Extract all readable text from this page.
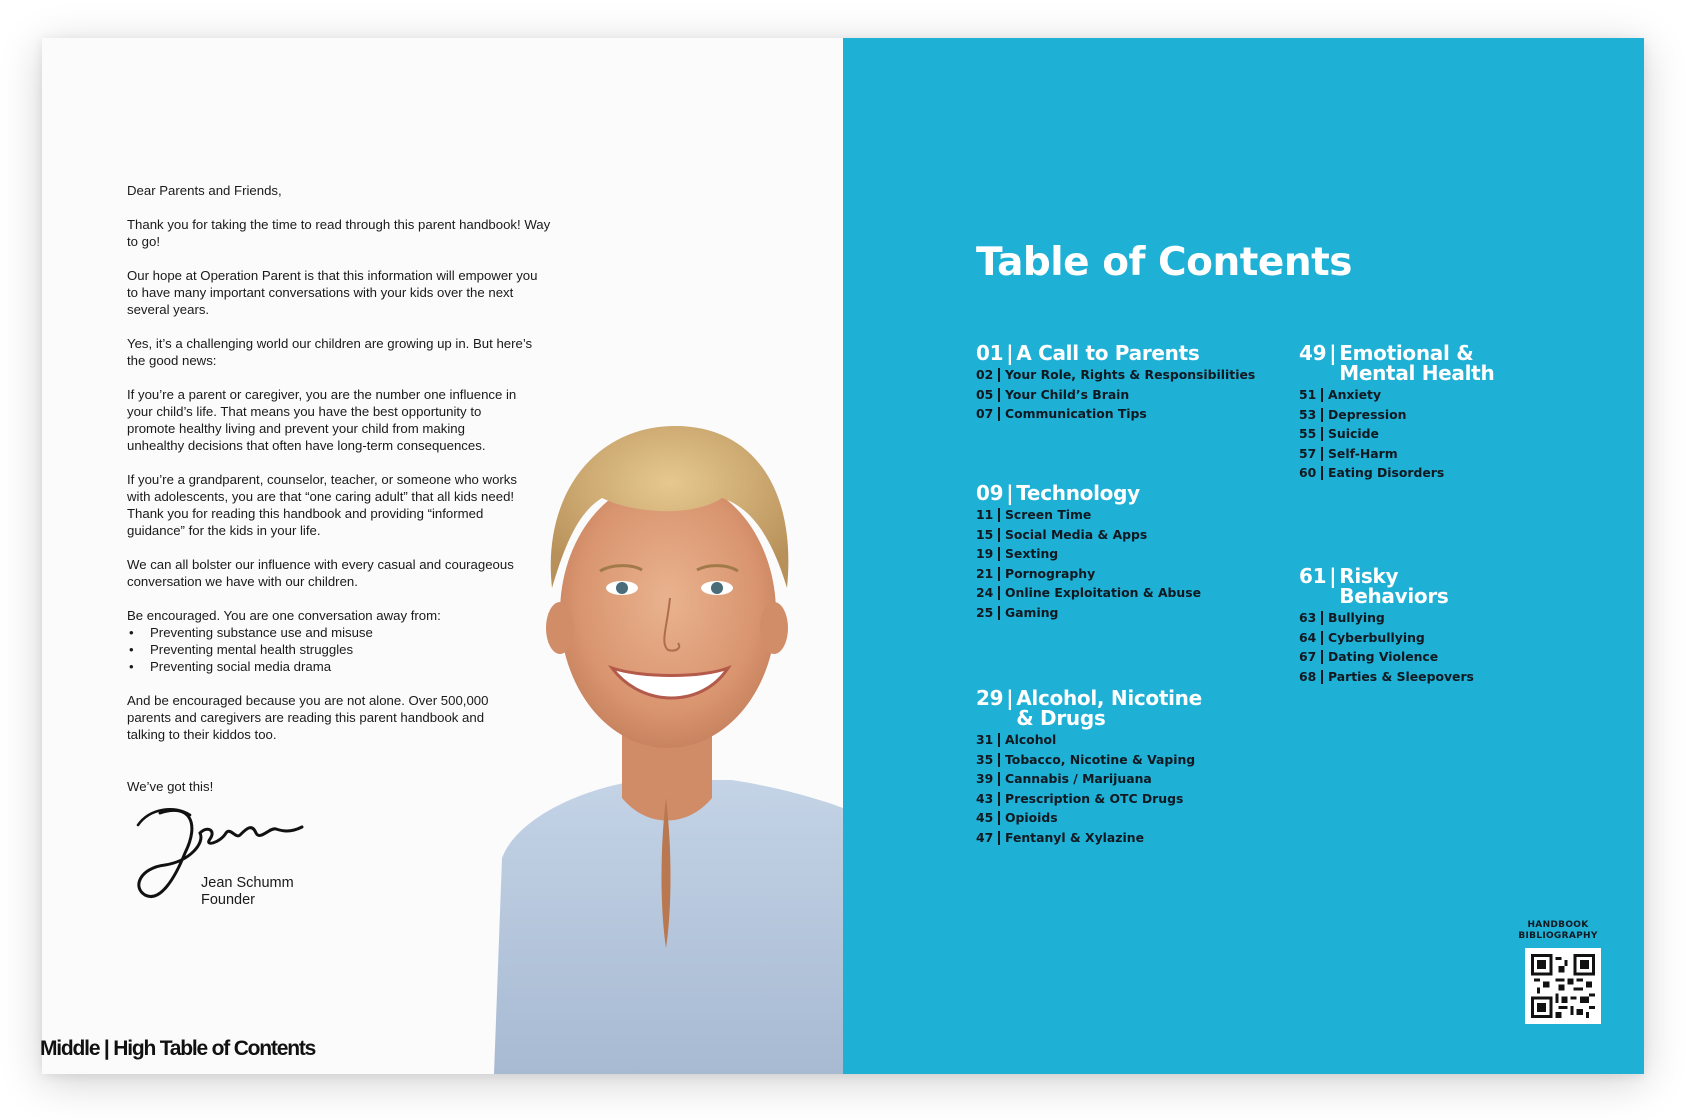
Dear Parents and Friends,

Thank you for taking the time to read through this parent handbook! Way to go!

Our hope at Operation Parent is that this information will empower you to have many important conversations with your kids over the next several years.

Yes, it’s a challenging world our children are growing up in. But here’s the good news:

If you’re a parent or caregiver, you are the number one influence in your child’s life. That means you have the best opportunity to promote healthy living and prevent your child from making unhealthy decisions that often have long-term consequences.

If you’re a grandparent, counselor, teacher, or someone who works with adolescents, you are that “one caring adult” that all kids need! Thank you for reading this handbook and providing “informed guidance” for the kids in your life.

We can all bolster our influence with every casual and courageous conversation we have with our children.

Be encouraged. You are one conversation away from:

• Preventing substance use and misuse
• Preventing mental health struggles
• Preventing social media drama

And be encouraged because you are not alone. Over 500,000 parents and caregivers are reading this parent handbook and talking to their kiddos too.

We’ve got this!
Jean Schumm
Founder
Table of Contents
01 | A Call to Parents
02 Your Role, Rights & Responsibilities
05 Your Child’s Brain
07 Communication Tips
09 | Technology
11 Screen Time
15 Social Media & Apps
19 Sexting
21 Pornography
24 Online Exploitation & Abuse
25 Gaming
29 | Alcohol, Nicotine
& Drugs
31 Alcohol
35 Tobacco, Nicotine & Vaping
39 Cannabis / Marijuana
43 Prescription & OTC Drugs
45 Opioids
47 Fentanyl & Xylazine
49 | Emotional &
Mental Health
51 Anxiety
53 Depression
55 Suicide
57 Self-Harm
60 Eating Disorders
61 | Risky
Behaviors
63 Bullying
64 Cyberbullying
67 Dating Violence
68 Parties & Sleepovers
HANDBOOK
BIBLIOGRAPHY
Middle | High Table of Contents
